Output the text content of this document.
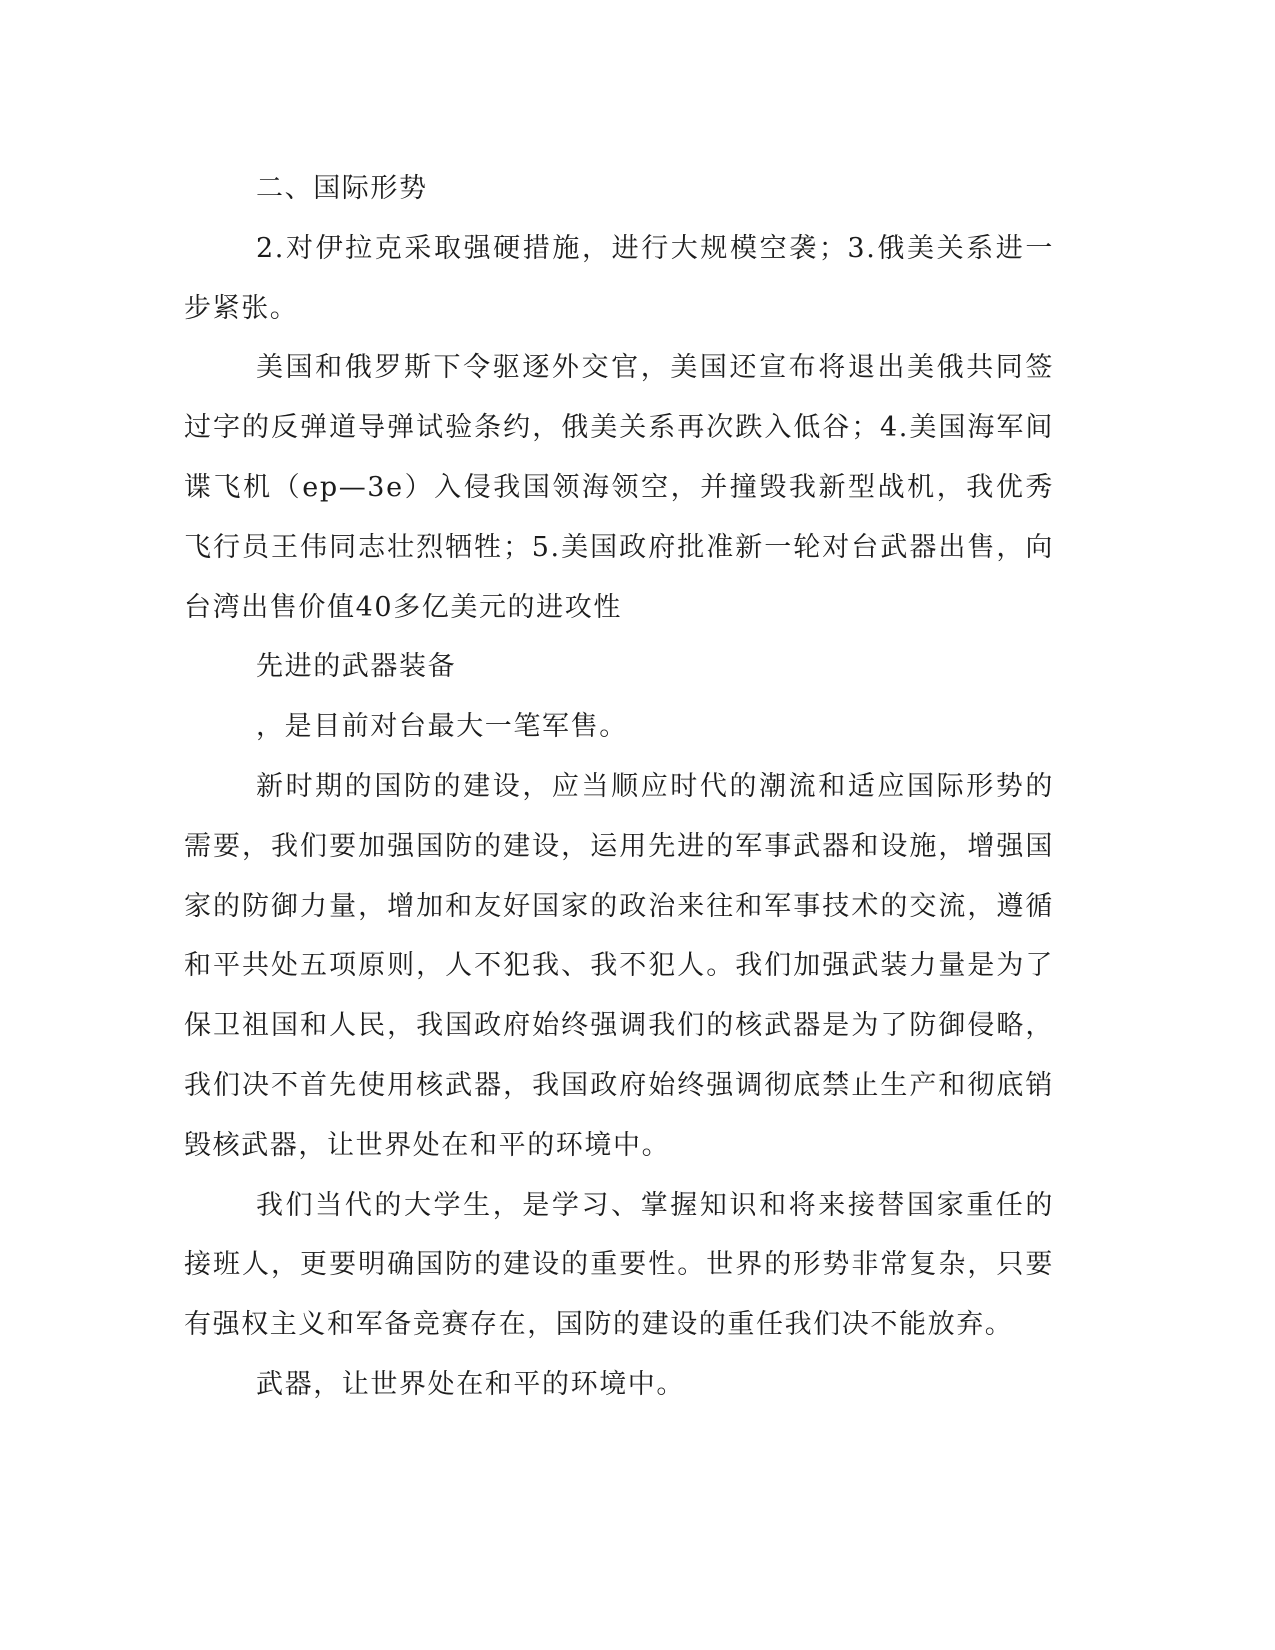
二、国际形势

2.对伊拉克采取强硬措施，进行大规模空袭；3.俄美关系进一步紧张。

美国和俄罗斯下令驱逐外交官，美国还宣布将退出美俄共同签过字的反弹道导弹试验条约，俄美关系再次跌入低谷；4.美国海军间谍飞机（ep—3e）入侵我国领海领空，并撞毁我新型战机，我优秀飞行员王伟同志壮烈牺牲；5.美国政府批准新一轮对台武器出售，向台湾出售价值40多亿美元的进攻性

先进的武器装备

，是目前对台最大一笔军售。

新时期的国防的建设，应当顺应时代的潮流和适应国际形势的需要，我们要加强国防的建设，运用先进的军事武器和设施，增强国家的防御力量，增加和友好国家的政治来往和军事技术的交流，遵循和平共处五项原则，人不犯我、我不犯人。我们加强武装力量是为了保卫祖国和人民，我国政府始终强调我们的核武器是为了防御侵略，我们决不首先使用核武器，我国政府始终强调彻底禁止生产和彻底销毁核武器，让世界处在和平的环境中。

我们当代的大学生，是学习、掌握知识和将来接替国家重任的接班人，更要明确国防的建设的重要性。世界的形势非常复杂，只要有强权主义和军备竞赛存在，国防的建设的重任我们决不能放弃。

武器，让世界处在和平的环境中。
